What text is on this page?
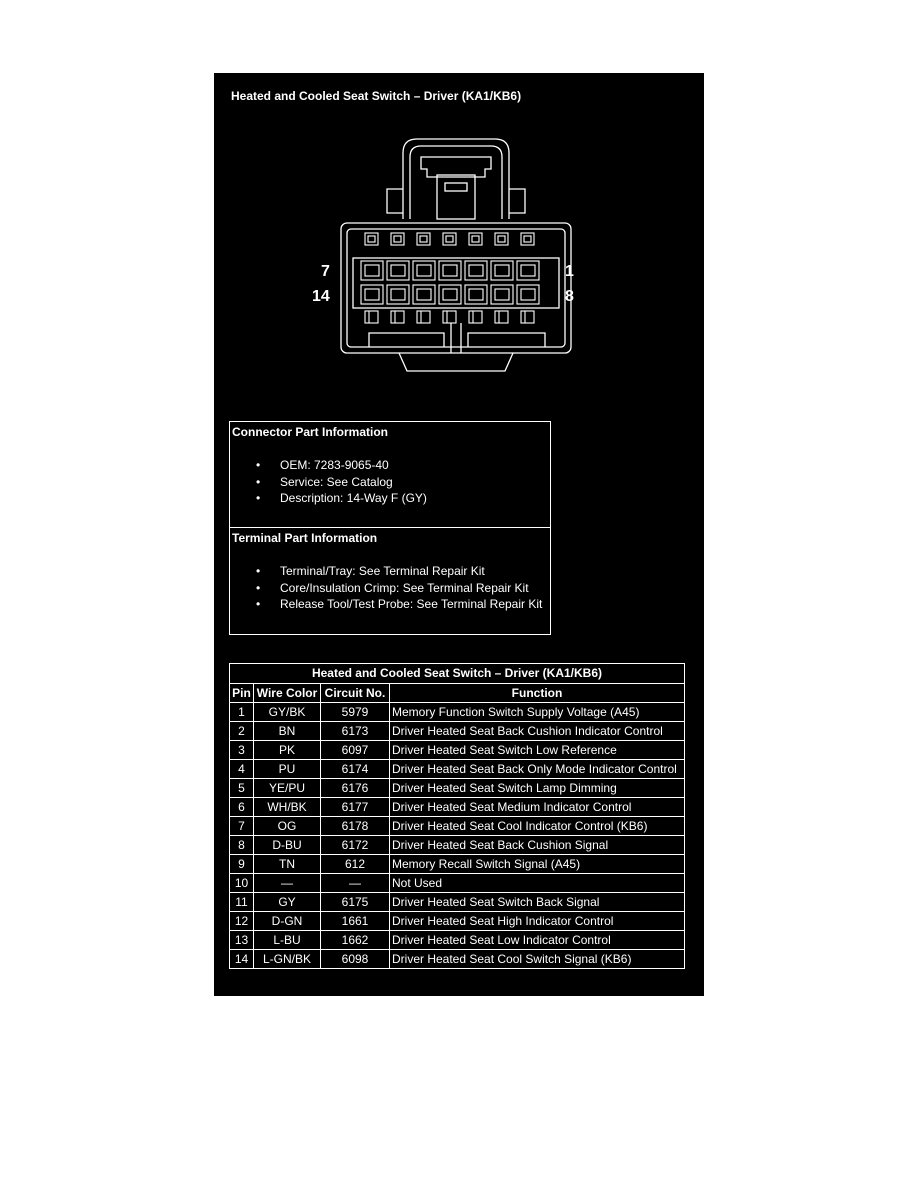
Heated and Cooled Seat Switch – Driver (KA1/KB6)
7
14
1
8
Connector Part Information
• OEM: 7283-9065-40
• Service: See Catalog
• Description: 14-Way F (GY)
Terminal Part Information
• Terminal/Tray: See Terminal Repair Kit
• Core/Insulation Crimp: See Terminal Repair Kit
• Release Tool/Test Probe: See Terminal Repair Kit
Heated and Cooled Seat Switch – Driver (KA1/KB6)
Pin	Wire Color	Circuit No.	Function
1	GY/BK	5979	Memory Function Switch Supply Voltage (A45)
2	BN	6173	Driver Heated Seat Back Cushion Indicator Control
3	PK	6097	Driver Heated Seat Switch Low Reference
4	PU	6174	Driver Heated Seat Back Only Mode Indicator Control
5	YE/PU	6176	Driver Heated Seat Switch Lamp Dimming
6	WH/BK	6177	Driver Heated Seat Medium Indicator Control
7	OG	6178	Driver Heated Seat Cool Indicator Control (KB6)
8	D-BU	6172	Driver Heated Seat Back Cushion Signal
9	TN	612	Memory Recall Switch Signal (A45)
10	—	—	Not Used
11	GY	6175	Driver Heated Seat Switch Back Signal
12	D-GN	1661	Driver Heated Seat High Indicator Control
13	L-BU	1662	Driver Heated Seat Low Indicator Control
14	L-GN/BK	6098	Driver Heated Seat Cool Switch Signal (KB6)
